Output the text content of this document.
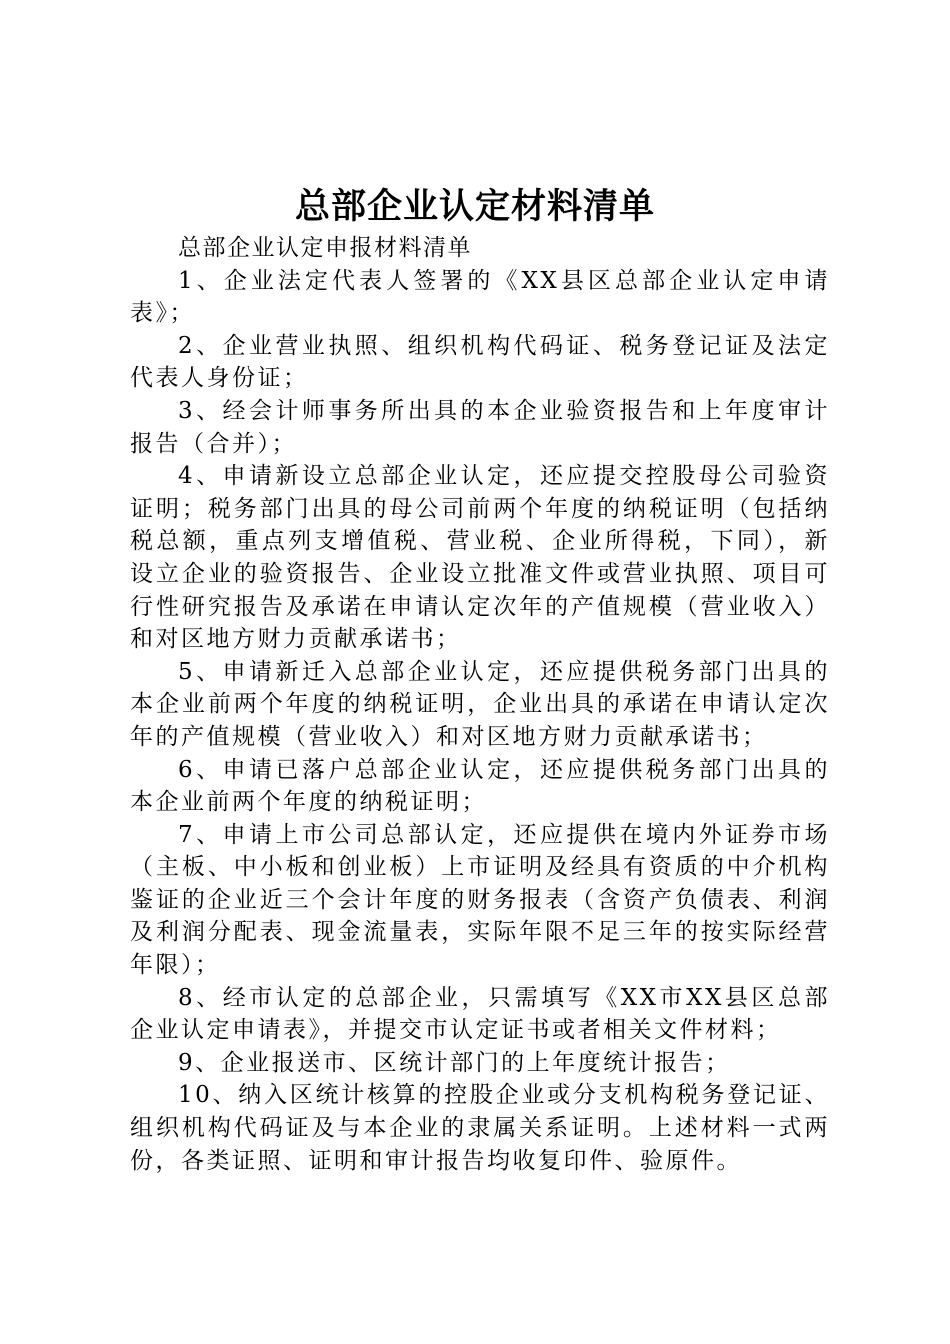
总部企业认定材料清单

总部企业认定申报材料清单

1、企业法定代表人签署的《XX县区总部企业认定申请表》；

2、企业营业执照、组织机构代码证、税务登记证及法定代表人身份证；

3、经会计师事务所出具的本企业验资报告和上年度审计报告（合并）；

4、申请新设立总部企业认定，还应提交控股母公司验资证明；税务部门出具的母公司前两个年度的纳税证明（包括纳税总额，重点列支增值税、营业税、企业所得税，下同），新设立企业的验资报告、企业设立批准文件或营业执照、项目可行性研究报告及承诺在申请认定次年的产值规模（营业收入）和对区地方财力贡献承诺书；

5、申请新迁入总部企业认定，还应提供税务部门出具的本企业前两个年度的纳税证明，企业出具的承诺在申请认定次年的产值规模（营业收入）和对区地方财力贡献承诺书；

6、申请已落户总部企业认定，还应提供税务部门出具的本企业前两个年度的纳税证明；

7、申请上市公司总部认定，还应提供在境内外证券市场（主板、中小板和创业板）上市证明及经具有资质的中介机构鉴证的企业近三个会计年度的财务报表（含资产负债表、利润及利润分配表、现金流量表，实际年限不足三年的按实际经营年限）；

8、经市认定的总部企业，只需填写《XX市XX县区总部企业认定申请表》，并提交市认定证书或者相关文件材料；

9、企业报送市、区统计部门的上年度统计报告；

10、纳入区统计核算的控股企业或分支机构税务登记证、组织机构代码证及与本企业的隶属关系证明。上述材料一式两份，各类证照、证明和审计报告均收复印件、验原件。
